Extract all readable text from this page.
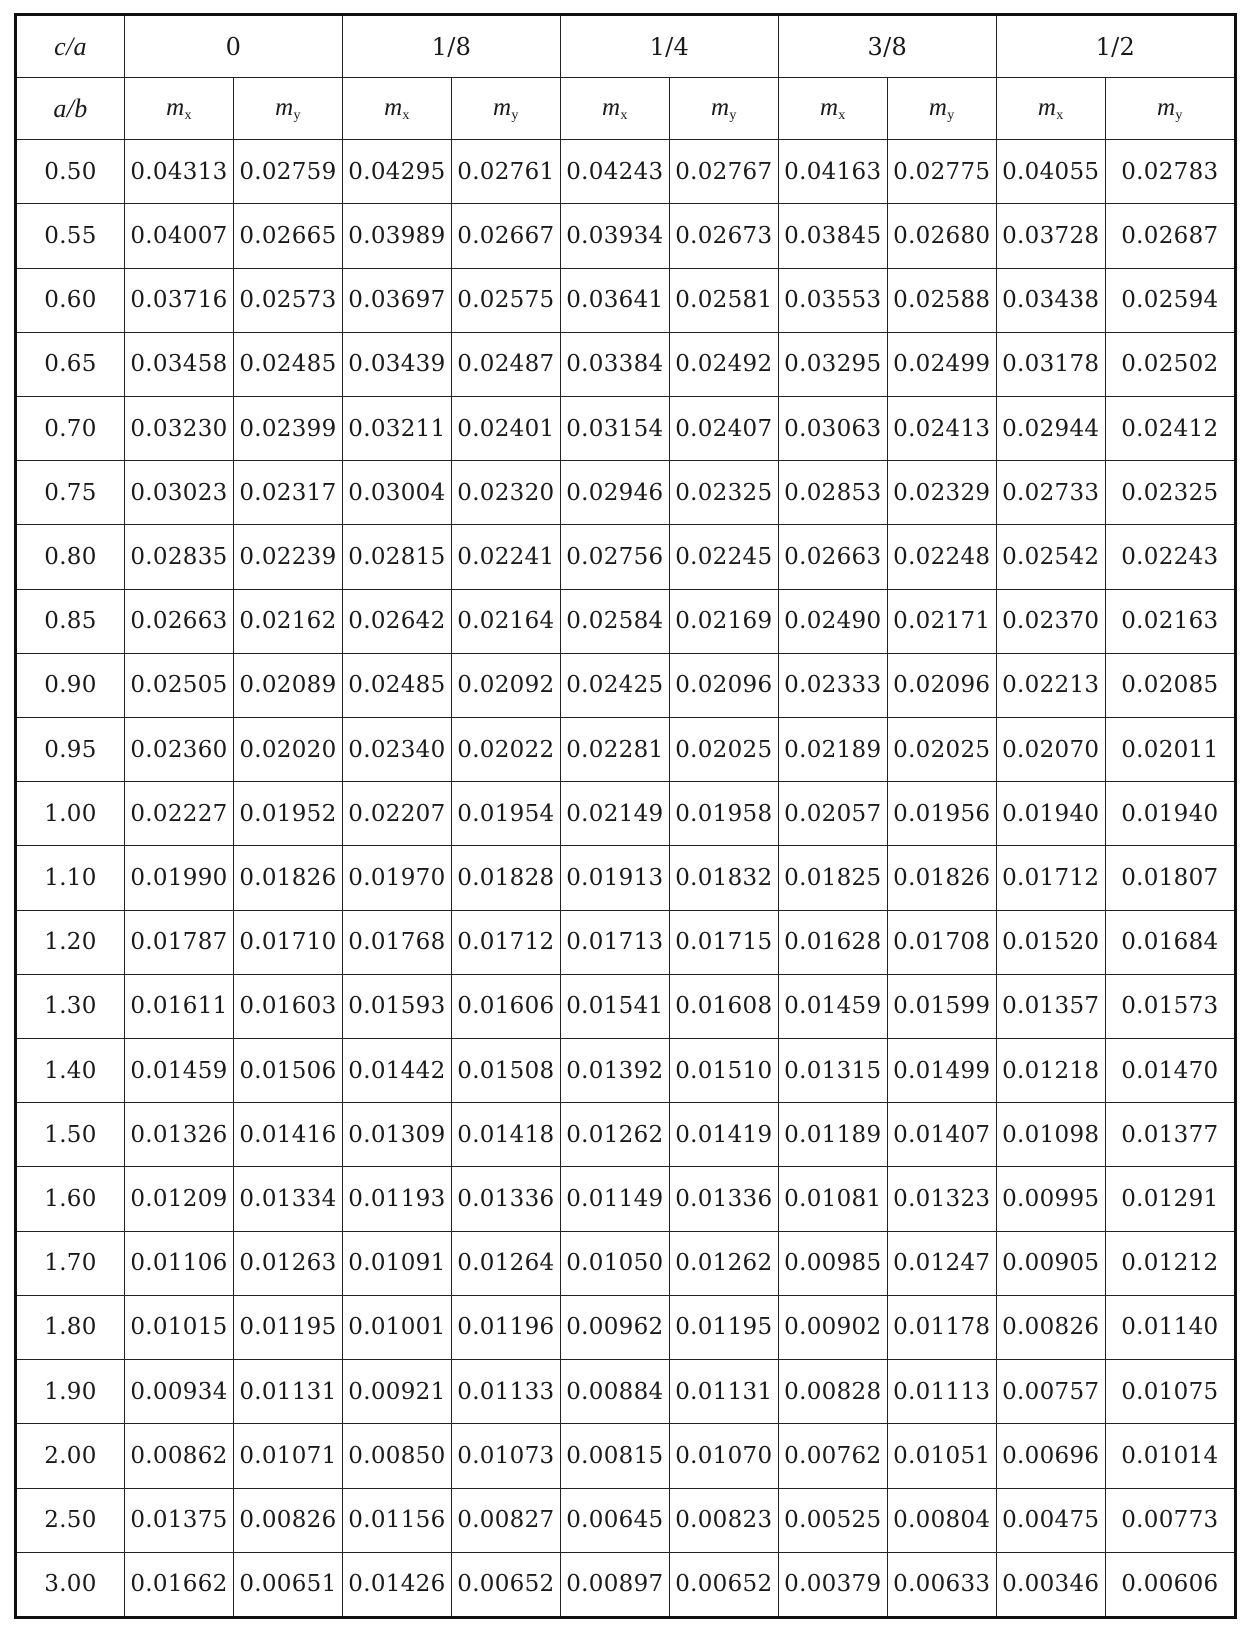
c/a	0		1/8		1/4		3/8		1/2	
a/b	$m_x$	$m_y$	$m_x$	$m_y$	$m_x$	$m_y$	$m_x$	$m_y$	$m_x$	$m_y$
0.50	0.04313	0.02759	0.04295	0.02761	0.04243	0.02767	0.04163	0.02775	0.04055	0.02783
0.55	0.04007	0.02665	0.03989	0.02667	0.03934	0.02673	0.03845	0.02680	0.03728	0.02687
0.60	0.03716	0.02573	0.03697	0.02575	0.03641	0.02581	0.03553	0.02588	0.03438	0.02594
0.65	0.03458	0.02485	0.03439	0.02487	0.03384	0.02492	0.03295	0.02499	0.03178	0.02502
0.70	0.03230	0.02399	0.03211	0.02401	0.03154	0.02407	0.03063	0.02413	0.02944	0.02412
0.75	0.03023	0.02317	0.03004	0.02320	0.02946	0.02325	0.02853	0.02329	0.02733	0.02325
0.80	0.02835	0.02239	0.02815	0.02241	0.02756	0.02245	0.02663	0.02248	0.02542	0.02243
0.85	0.02663	0.02162	0.02642	0.02164	0.02584	0.02169	0.02490	0.02171	0.02370	0.02163
0.90	0.02505	0.02089	0.02485	0.02092	0.02425	0.02096	0.02333	0.02096	0.02213	0.02085
0.95	0.02360	0.02020	0.02340	0.02022	0.02281	0.02025	0.02189	0.02025	0.02070	0.02011
1.00	0.02227	0.01952	0.02207	0.01954	0.02149	0.01958	0.02057	0.01956	0.01940	0.01940
1.10	0.01990	0.01826	0.01970	0.01828	0.01913	0.01832	0.01825	0.01826	0.01712	0.01807
1.20	0.01787	0.01710	0.01768	0.01712	0.01713	0.01715	0.01628	0.01708	0.01520	0.01684
1.30	0.01611	0.01603	0.01593	0.01606	0.01541	0.01608	0.01459	0.01599	0.01357	0.01573
1.40	0.01459	0.01506	0.01442	0.01508	0.01392	0.01510	0.01315	0.01499	0.01218	0.01470
1.50	0.01326	0.01416	0.01309	0.01418	0.01262	0.01419	0.01189	0.01407	0.01098	0.01377
1.60	0.01209	0.01334	0.01193	0.01336	0.01149	0.01336	0.01081	0.01323	0.00995	0.01291
1.70	0.01106	0.01263	0.01091	0.01264	0.01050	0.01262	0.00985	0.01247	0.00905	0.01212
1.80	0.01015	0.01195	0.01001	0.01196	0.00962	0.01195	0.00902	0.01178	0.00826	0.01140
1.90	0.00934	0.01131	0.00921	0.01133	0.00884	0.01131	0.00828	0.01113	0.00757	0.01075
2.00	0.00862	0.01071	0.00850	0.01073	0.00815	0.01070	0.00762	0.01051	0.00696	0.01014
2.50	0.01375	0.00826	0.01156	0.00827	0.00645	0.00823	0.00525	0.00804	0.00475	0.00773
3.00	0.01662	0.00651	0.01426	0.00652	0.00897	0.00652	0.00379	0.00633	0.00346	0.00606
